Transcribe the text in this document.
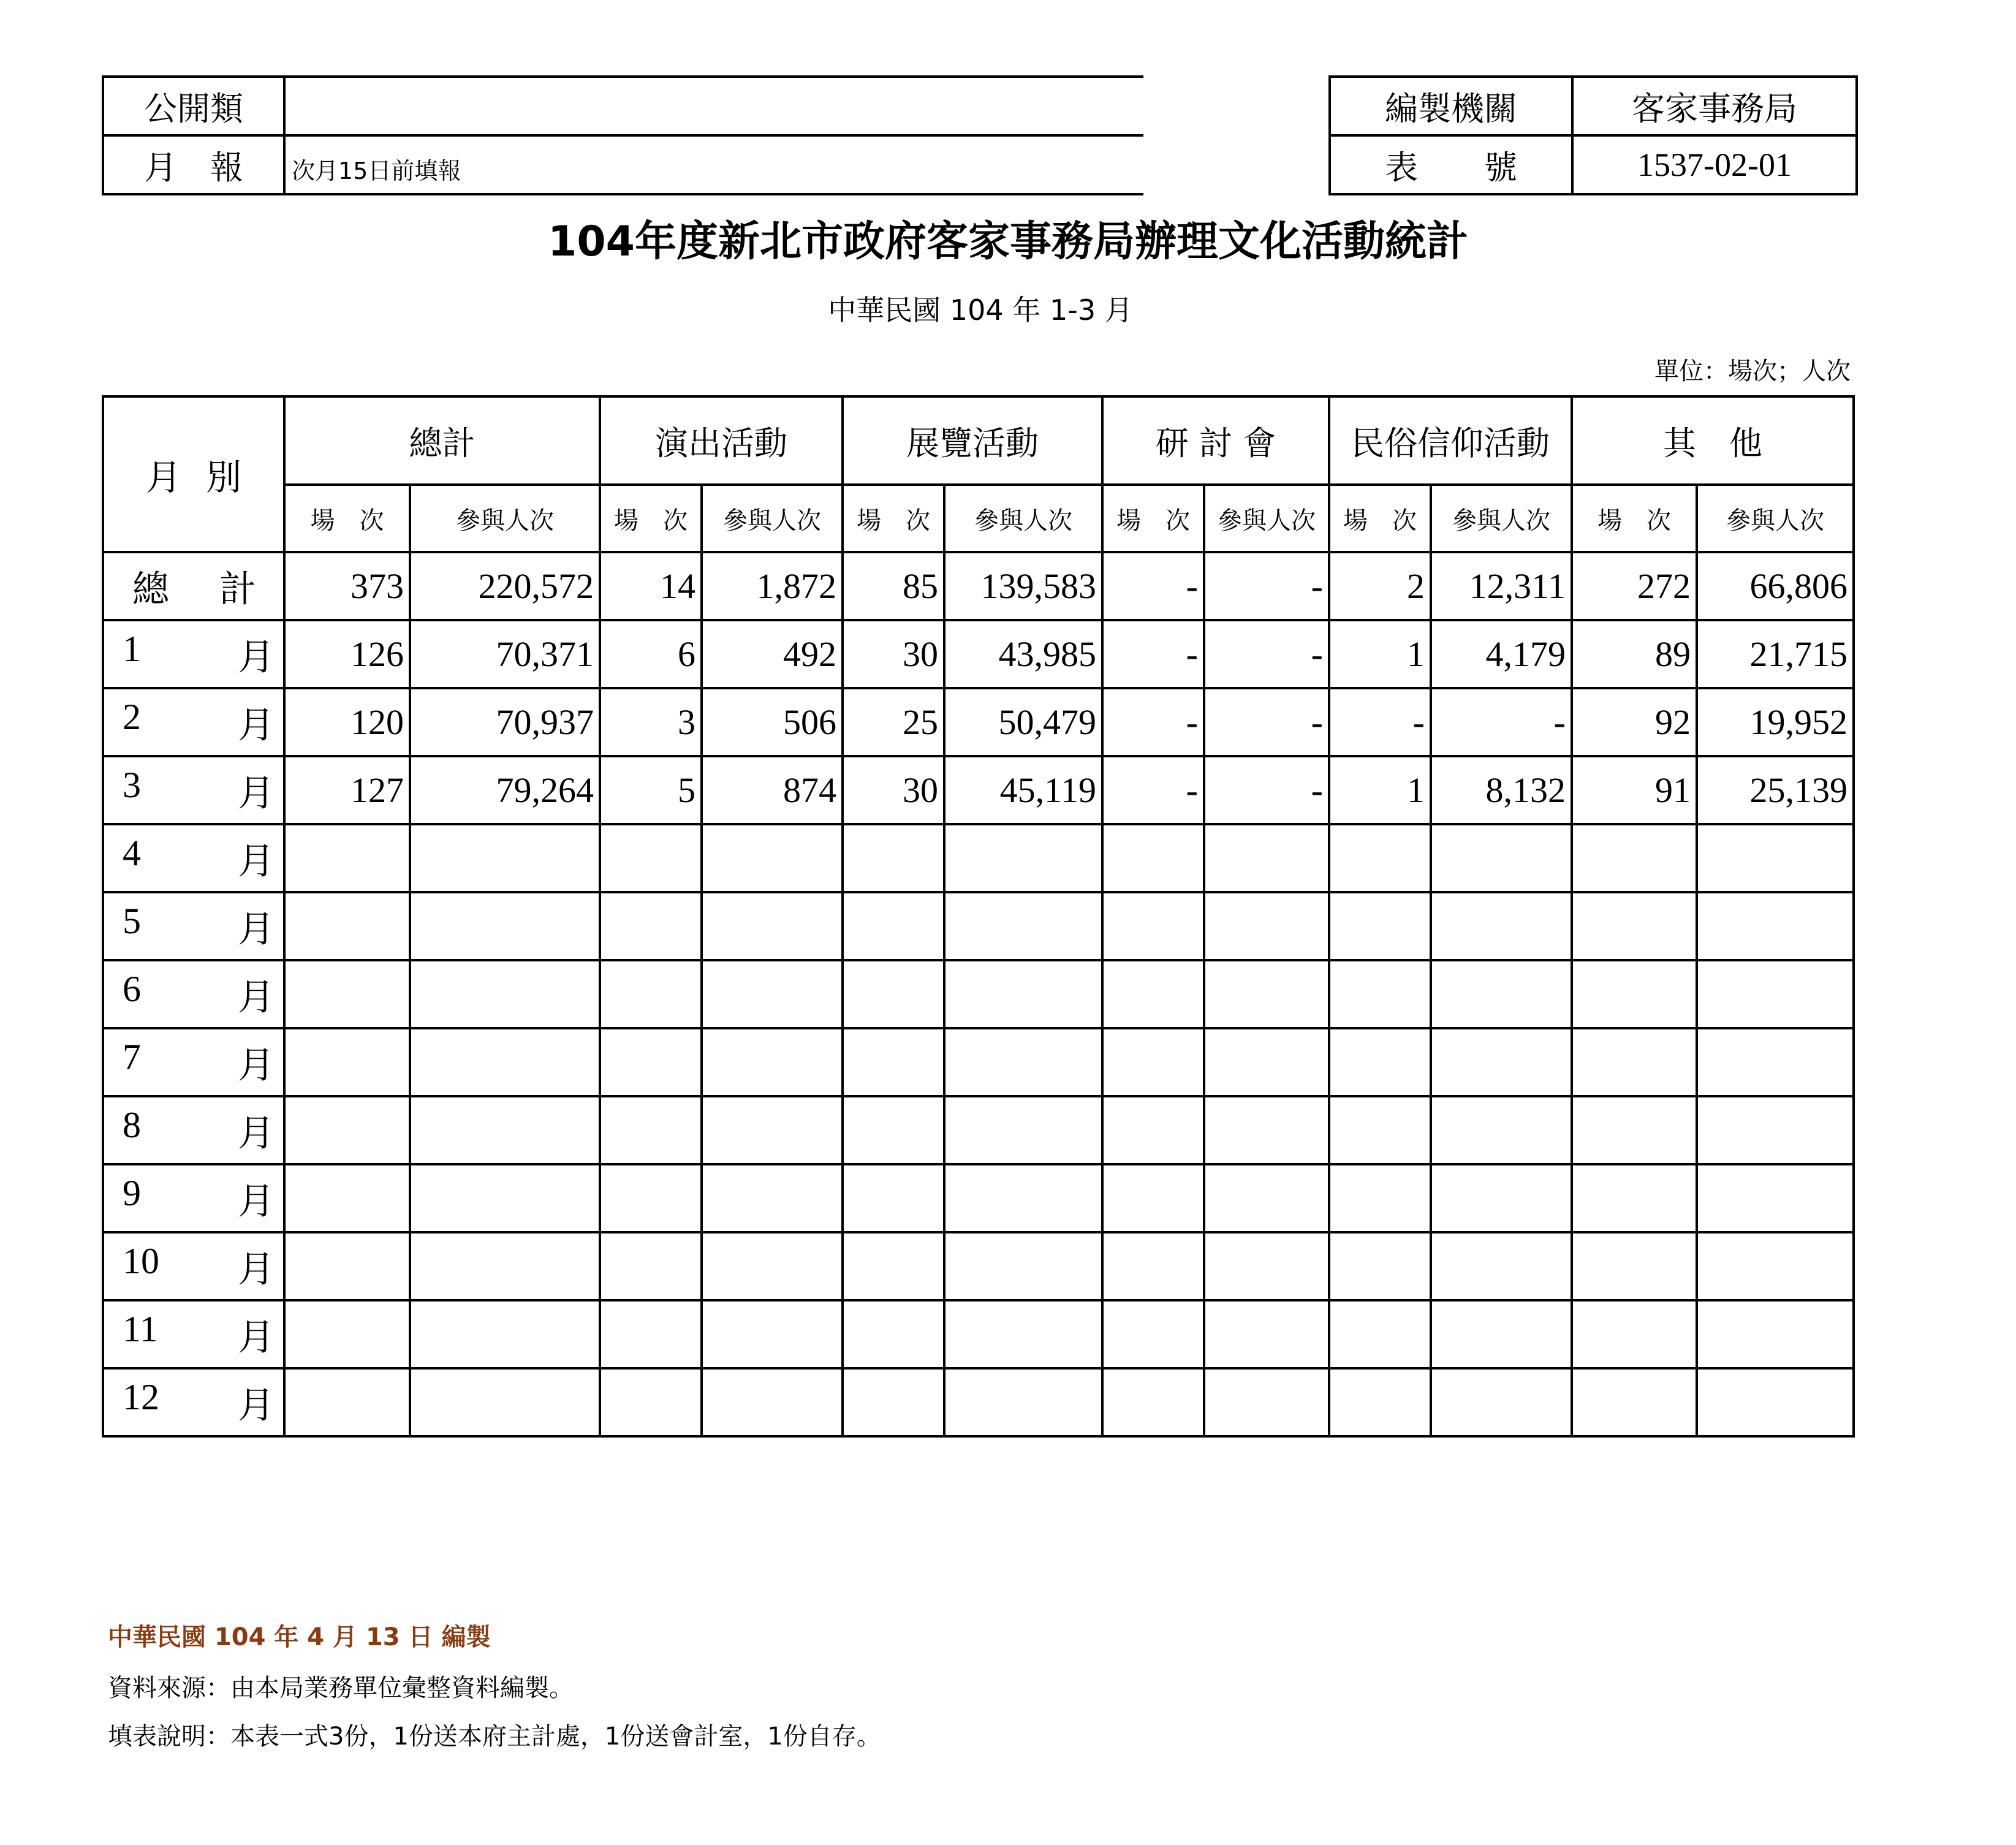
公開類	
月　報	次月15日前填報
編製機關	客家事務局
表　　號	1537-02-01
104年度新北市政府客家事務局辦理文化活動統計
中華民國 104 年 1-3 月
單位：場次；人次
月別	總計		演出活動		展覽活動		研 討 會		民俗信仰活動		其　他	
	場　次	參與人次	場　次	參與人次	場　次	參與人次	場　次	參與人次	場　次	參與人次	場　次	參與人次

總 計	373	220,572	14	1,872	85	139,583	-	-	2	12,311	272	66,806

1 月	126	70,371	6	492	30	43,985	-	-	1	4,179	89	21,715

2 月	120	70,937	3	506	25	50,479	-	-	-	-	92	19,952

3 月	127	79,264	5	874	30	45,119	-	-	1	8,132	91	25,139

4 月												

5 月												

6 月												

7 月												

8 月												

9 月												

10 月												

11 月												

12 月												

中華民國 104 年 4 月 13 日 編製
資料來源：由本局業務單位彙整資料編製。
填表說明：本表一式3份，1份送本府主計處，1份送會計室，1份自存。
